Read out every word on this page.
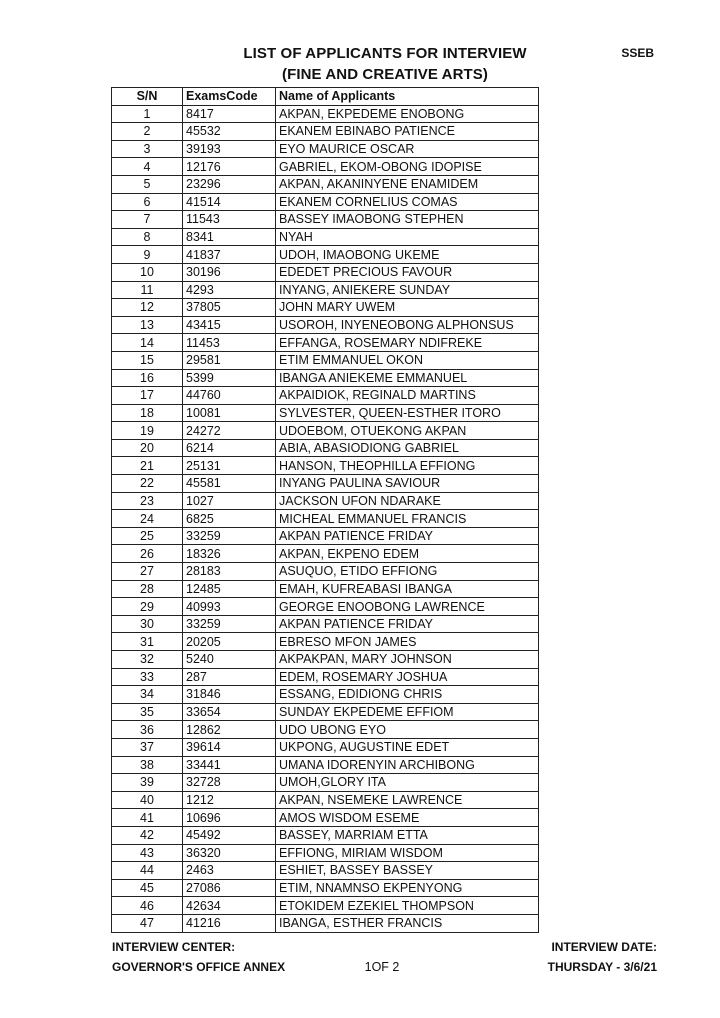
LIST OF APPLICANTS FOR INTERVIEW
(FINE AND CREATIVE ARTS)
SSEB
S/N	ExamsCode	Name of Applicants
1	8417	AKPAN, EKPEDEME ENOBONG
2	45532	EKANEM EBINABO PATIENCE
3	39193	EYO MAURICE OSCAR
4	12176	GABRIEL, EKOM-OBONG IDOPISE
5	23296	AKPAN, AKANINYENE ENAMIDEM
6	41514	EKANEM CORNELIUS COMAS
7	11543	BASSEY IMAOBONG STEPHEN
8	8341	NYAH
9	41837	UDOH, IMAOBONG UKEME
10	30196	EDEDET PRECIOUS FAVOUR
11	4293	INYANG, ANIEKERE SUNDAY
12	37805	JOHN MARY UWEM
13	43415	USOROH, INYENEOBONG ALPHONSUS
14	11453	EFFANGA, ROSEMARY NDIFREKE
15	29581	ETIM EMMANUEL OKON
16	5399	IBANGA ANIEKEME EMMANUEL
17	44760	AKPAIDIOK, REGINALD MARTINS
18	10081	SYLVESTER, QUEEN-ESTHER ITORO
19	24272	UDOEBOM, OTUEKONG AKPAN
20	6214	ABIA, ABASIODIONG GABRIEL
21	25131	HANSON, THEOPHILLA EFFIONG
22	45581	INYANG PAULINA SAVIOUR
23	1027	JACKSON UFON NDARAKE
24	6825	MICHEAL EMMANUEL FRANCIS
25	33259	AKPAN PATIENCE FRIDAY
26	18326	AKPAN, EKPENO EDEM
27	28183	ASUQUO, ETIDO EFFIONG
28	12485	EMAH, KUFREABASI IBANGA
29	40993	GEORGE ENOOBONG LAWRENCE
30	33259	AKPAN PATIENCE FRIDAY
31	20205	EBRESO MFON JAMES
32	5240	AKPAKPAN, MARY JOHNSON
33	287	EDEM, ROSEMARY JOSHUA
34	31846	ESSANG, EDIDIONG CHRIS
35	33654	SUNDAY EKPEDEME EFFIOM
36	12862	UDO UBONG EYO
37	39614	UKPONG, AUGUSTINE EDET
38	33441	UMANA IDORENYIN ARCHIBONG
39	32728	UMOH,GLORY ITA
40	1212	AKPAN, NSEMEKE LAWRENCE
41	10696	AMOS WISDOM ESEME
42	45492	BASSEY, MARRIAM ETTA
43	36320	EFFIONG, MIRIAM WISDOM
44	2463	ESHIET, BASSEY BASSEY
45	27086	ETIM, NNAMNSO EKPENYONG
46	42634	ETOKIDEM EZEKIEL THOMPSON
47	41216	IBANGA, ESTHER FRANCIS
INTERVIEW CENTER:
GOVERNOR'S OFFICE ANNEX	1OF 2
INTERVIEW DATE:
THURSDAY - 3/6/21
